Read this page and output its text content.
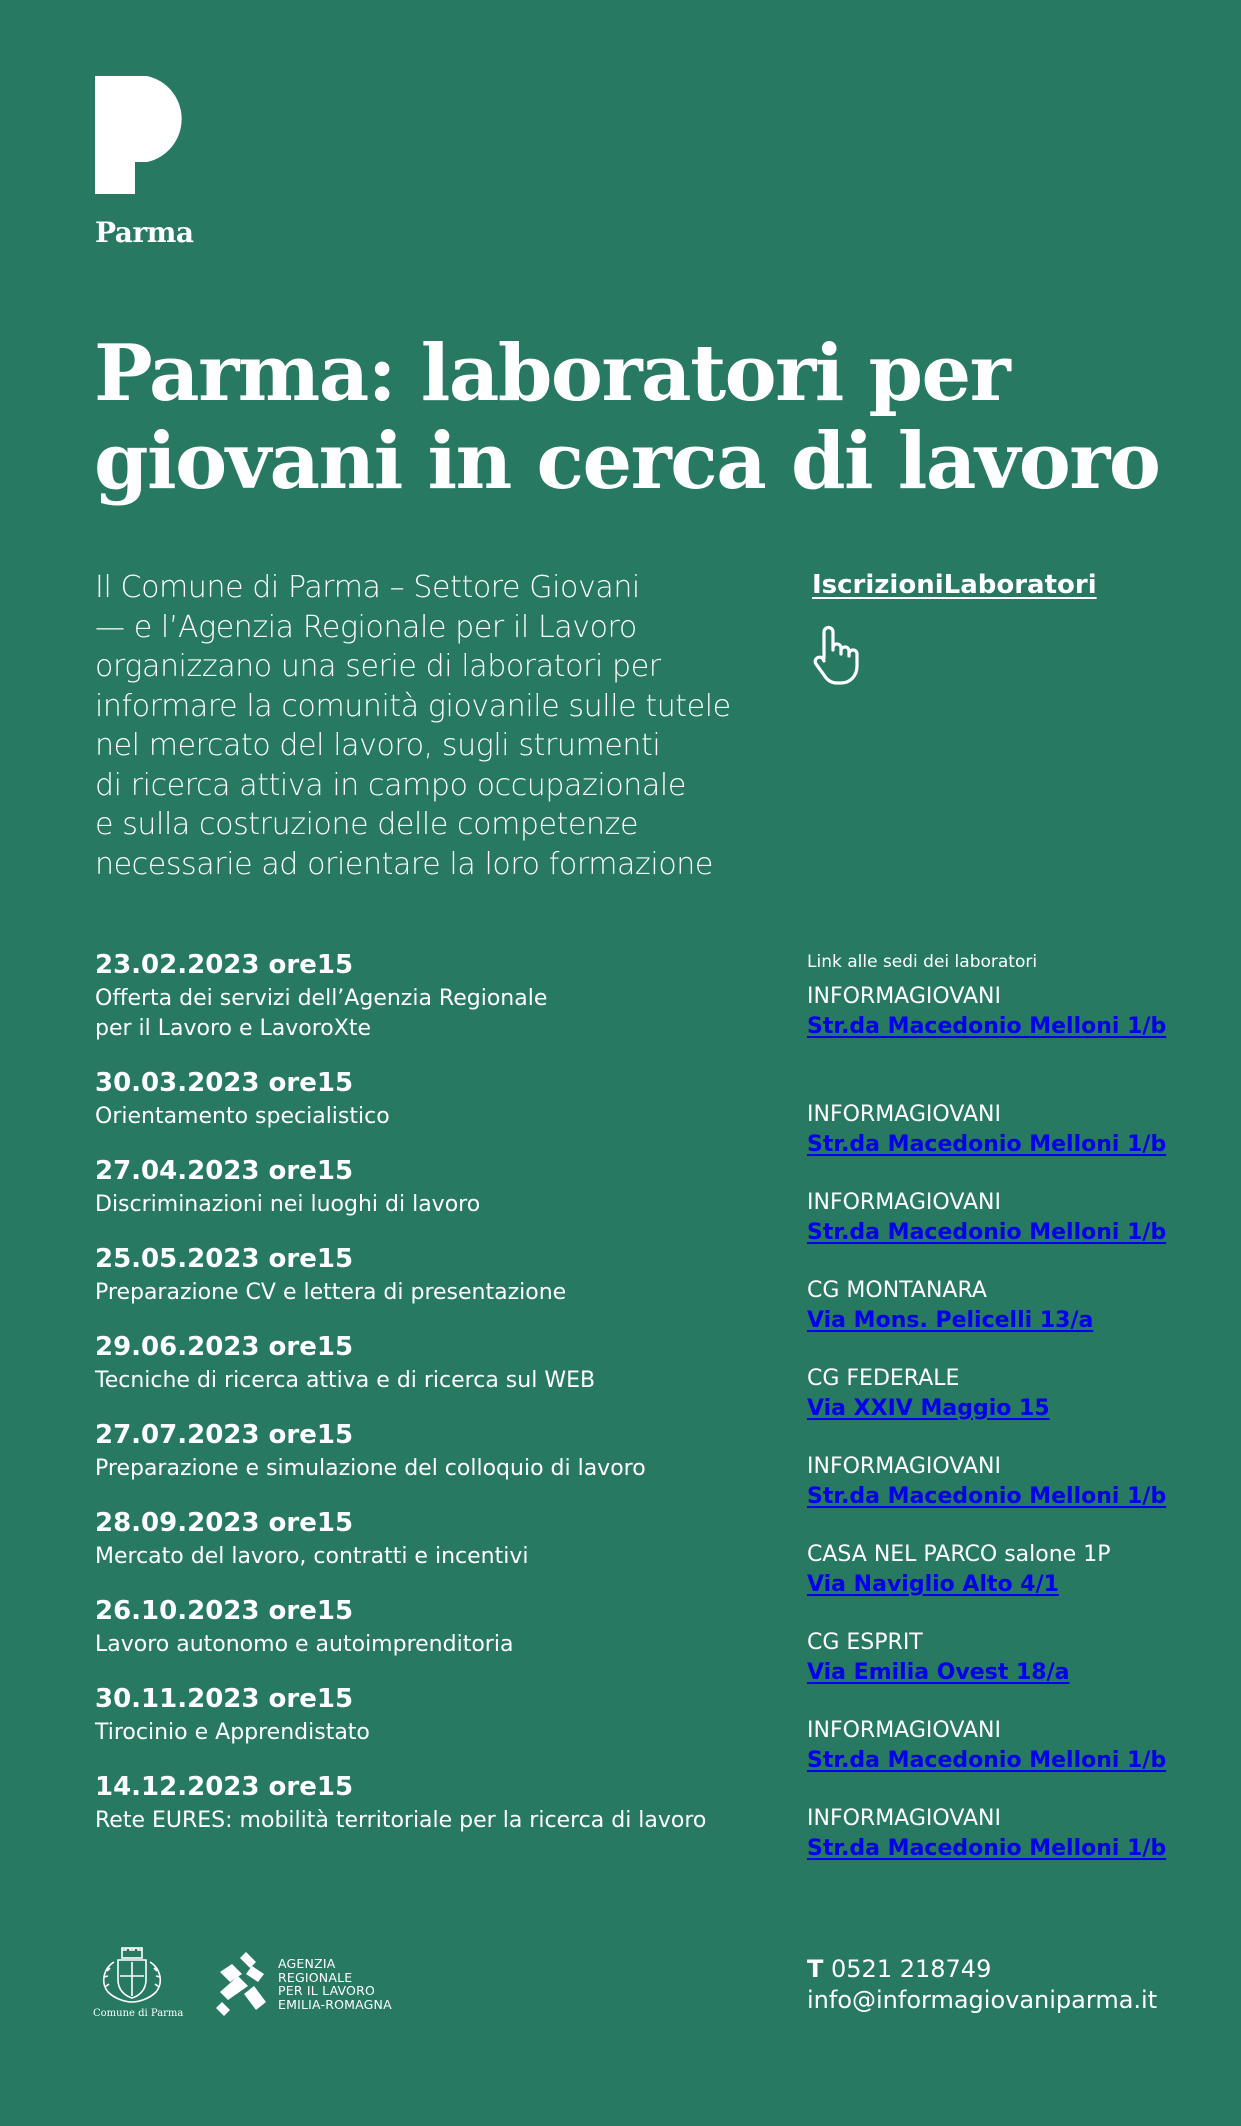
Parma
Parma: laboratori per
giovani in cerca di lavoro

Il Comune di Parma – Settore Giovani
— e l’Agenzia Regionale per il Lavoro
organizzano una serie di laboratori per
informare la comunità giovanile sulle tutele
nel mercato del lavoro, sugli strumenti
di ricerca attiva in campo occupazionale
e sulla costruzione delle competenze
necessarie ad orientare la loro formazione

IscrizioniLaboratori
Link alle sedi dei laboratori
23.02.2023 ore15
Offerta dei servizi dell’Agenzia Regionale
per il Lavoro e LavoroXte
INFORMAGIOVANI
Str.da Macedonio Melloni 1/b
30.03.2023 ore15
Orientamento specialistico	INFORMAGIOVANI
Str.da Macedonio Melloni 1/b
27.04.2023 ore15
Discriminazioni nei luoghi di lavoro	INFORMAGIOVANI
Str.da Macedonio Melloni 1/b
25.05.2023 ore15
Preparazione CV e lettera di presentazione	CG MONTANARA
Via Mons. Pelicelli 13/a
29.06.2023 ore15
Tecniche di ricerca attiva e di ricerca sul WEB	CG FEDERALE
Via XXIV Maggio 15
27.07.2023 ore15
Preparazione e simulazione del colloquio di lavoro	INFORMAGIOVANI
Str.da Macedonio Melloni 1/b
28.09.2023 ore15
Mercato del lavoro, contratti e incentivi	CASA NEL PARCO salone 1P
Via Naviglio Alto 4/1
26.10.2023 ore15
Lavoro autonomo e autoimprenditoria	CG ESPRIT
Via Emilia Ovest 18/a
30.11.2023 ore15
Tirocinio e Apprendistato	INFORMAGIOVANI
Str.da Macedonio Melloni 1/b
14.12.2023 ore15
Rete EURES: mobilità territoriale per la ricerca di lavoro	INFORMAGIOVANI
Str.da Macedonio Melloni 1/b
Comune di Parma
AGENZIA
REGIONALE
PER IL LAVORO
EMILIA-ROMAGNA
T 0521 218749
info@informagiovaniparma.it
